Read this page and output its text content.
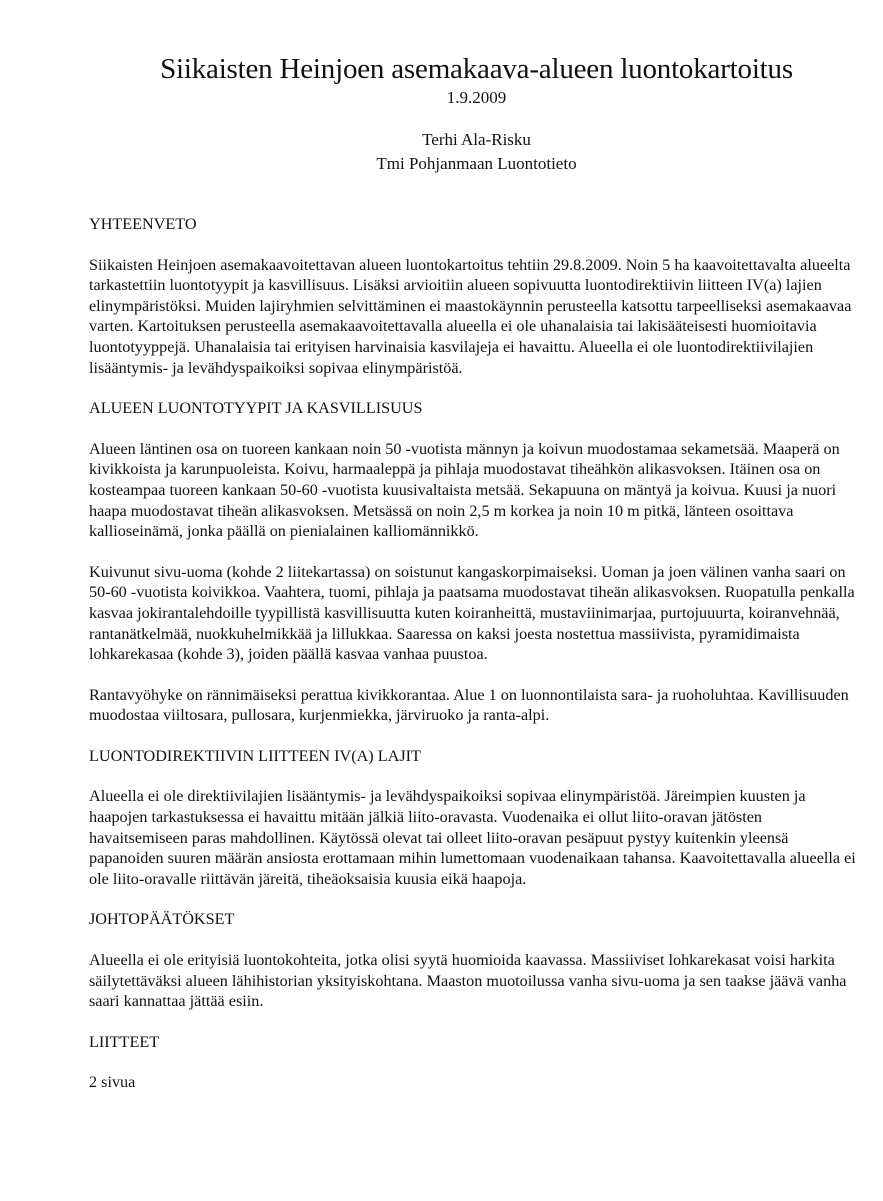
Siikaisten Heinjoen asemakaava-alueen luontokartoitus
1.9.2009
Terhi Ala-Risku
Tmi Pohjanmaan Luontotieto

YHTEENVETO

Siikaisten Heinjoen asemakaavoitettavan alueen luontokartoitus tehtiin 29.8.2009. Noin 5 ha kaavoitettavalta alueelta tarkastettiin luontotyypit ja kasvillisuus. Lisäksi arvioitiin alueen sopivuutta luontodirektiivin liitteen IV(a) lajien elinympäristöksi. Muiden lajiryhmien selvittäminen ei maastokäynnin perusteella katsottu tarpeelliseksi asemakaavaa varten. Kartoituksen perusteella asemakaavoitettavalla alueella ei ole uhanalaisia tai lakisääteisesti huomioitavia luontotyyppejä. Uhanalaisia tai erityisen harvinaisia kasvilajeja ei havaittu. Alueella ei ole luontodirektiivilajien lisääntymis- ja levähdyspaikoiksi sopivaa elinympäristöä.

ALUEEN LUONTOTYYPIT JA KASVILLISUUS

Alueen läntinen osa on tuoreen kankaan noin 50 -vuotista männyn ja koivun muodostamaa sekametsää. Maaperä on kivikkoista ja karunpuoleista. Koivu, harmaaleppä ja pihlaja muodostavat tiheähkön alikasvoksen. Itäinen osa on kosteampaa tuoreen kankaan 50-60 -vuotista kuusivaltaista metsää. Sekapuuna on mäntyä ja koivua. Kuusi ja nuori haapa muodostavat tiheän alikasvoksen. Metsässä on noin 2,5 m korkea ja noin 10 m pitkä, länteen osoittava kallioseinämä, jonka päällä on pienialainen kalliomännikkö.

Kuivunut sivu-uoma (kohde 2 liitekartassa) on soistunut kangaskorpimaiseksi. Uoman ja joen välinen vanha saari on 50-60 -vuotista koivikkoa. Vaahtera, tuomi, pihlaja ja paatsama muodostavat tiheän alikasvoksen. Ruopatulla penkalla kasvaa jokirantalehdoille tyypillistä kasvillisuutta kuten koiranheittä, mustaviinimarjaa, purtojuuurta, koiranvehnää, rantanätkelmää, nuokkuhelmikkää ja lillukkaa. Saaressa on kaksi joesta nostettua massiivista, pyramidimaista lohkarekasaa (kohde 3), joiden päällä kasvaa vanhaa puustoa.

Rantavyöhyke on rännimäiseksi perattua kivikkorantaa. Alue 1 on luonnontilaista sara- ja ruoholuhtaa. Kavillisuuden muodostaa viiltosara, pullosara, kurjenmiekka, järviruoko ja ranta-alpi.

LUONTODIREKTIIVIN LIITTEEN IV(A) LAJIT

Alueella ei ole direktiivilajien lisääntymis- ja levähdyspaikoiksi sopivaa elinympäristöä. Järeimpien kuusten ja haapojen tarkastuksessa ei havaittu mitään jälkiä liito-oravasta. Vuodenaika ei ollut liito-oravan jätösten havaitsemiseen paras mahdollinen. Käytössä olevat tai olleet liito-oravan pesäpuut pystyy kuitenkin yleensä papanoiden suuren määrän ansiosta erottamaan mihin lumettomaan vuodenaikaan tahansa. Kaavoitettavalla alueella ei ole liito-oravalle riittävän järeitä, tiheäoksaisia kuusia eikä haapoja.

JOHTOPÄÄTÖKSET

Alueella ei ole erityisiä luontokohteita, jotka olisi syytä huomioida kaavassa. Massiiviset lohkarekasat voisi harkita säilytettäväksi alueen lähihistorian yksityiskohtana. Maaston muotoilussa vanha sivu-uoma ja sen taakse jäävä vanha saari kannattaa jättää esiin.

LIITTEET

2 sivua
